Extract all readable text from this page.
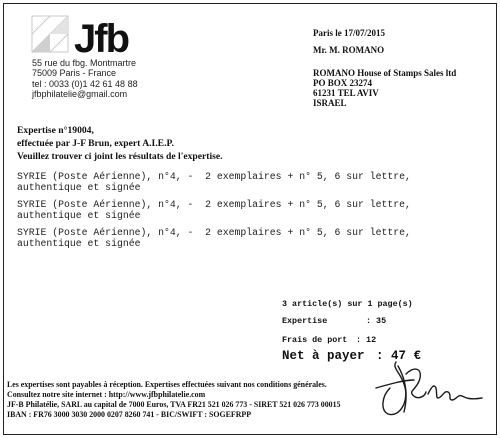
Jfb
55 rue du fbg. Montmartre
75009 Paris - France
tel : 0033 (0)1 42 61 48 88
jfbphilatelie@gmail.com
Paris le 17/07/2015
Mr. M. ROMANO
ROMANO House of Stamps Sales ltd
PO BOX 23274
61231 TEL AVIV
ISRAEL
Expertise n°19004,
effectuée par J-F Brun, expert A.I.E.P.
Veuillez trouver ci joint les résultats de l'expertise.
SYRIE (Poste Aérienne), n°4, -  2 exemplaires + n° 5, 6 sur lettre,
authentique et signée
SYRIE (Poste Aérienne), n°4, -  2 exemplaires + n° 5, 6 sur lettre,
authentique et signée
SYRIE (Poste Aérienne), n°4, -  2 exemplaires + n° 5, 6 sur lettre,
authentique et signée
3 article(s) sur 1 page(s)
Expertise	: 35
Frais de port : 12
Net à payer : 47 €
Les expertises sont payables à réception. Expertises effectuées suivant nos conditions générales.
Consultez notre site internet : http://www.jfbphilatelie.com
JF-B Philatélie, SARL au capital de 7000 Euros, TVA FR21 521 026 773 - SIRET 521 026 773 00015
IBAN : FR76 3000 3030 2000 0207 8260 741 - BIC/SWIFT : SOGEFRPP
